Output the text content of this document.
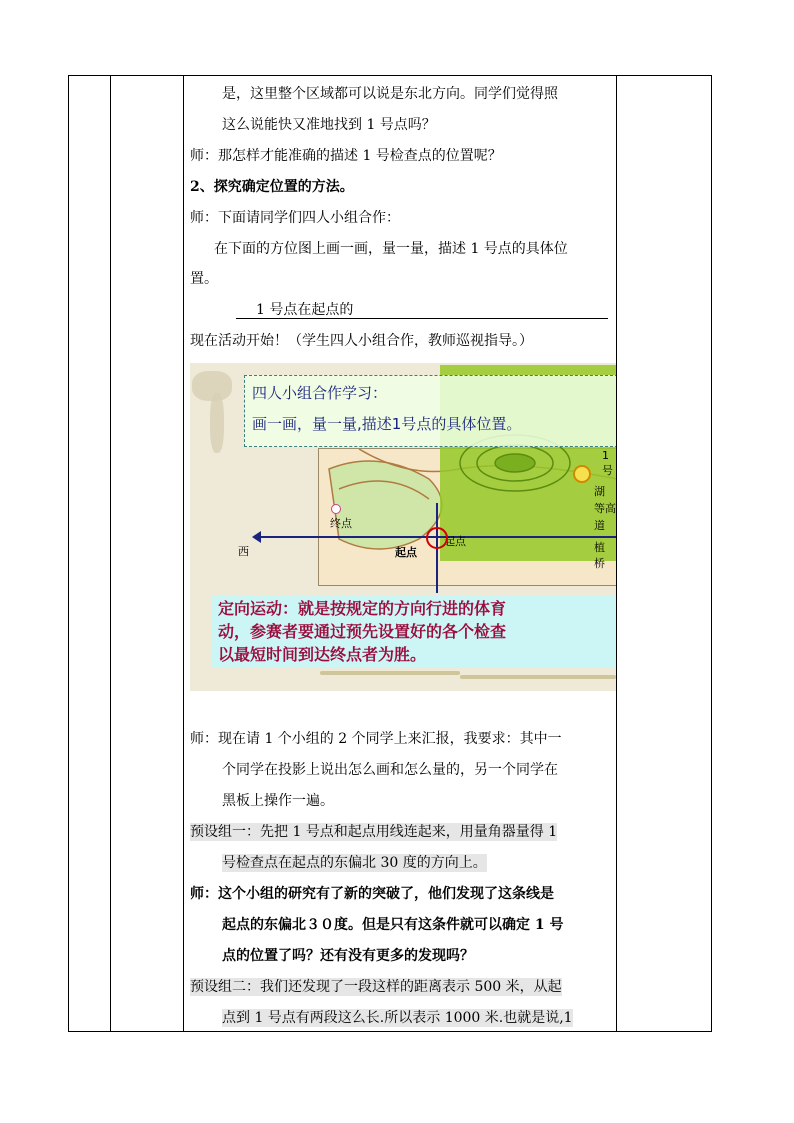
是，这里整个区域都可以说是东北方向。同学们觉得照
这么说能快又准地找到 1 号点吗？
师：那怎样才能准确的描述 1 号检查点的位置呢？
2、探究确定位置的方法。
师：下面请同学们四人小组合作：
在下面的方位图上画一画，量一量，描述 1 号点的具体位
置。
1 号点在起点的
现在活动开始！（学生四人小组合作，教师巡视指导。）
四人小组合作学习：
画一画，量一量,描述1号点的具体位置。
西	起点
起点
终点
1号
湖
等高
道
植
桥
定向运动：就是按规定的方向行进的体育
动，参赛者要通过预先设置好的各个检查
以最短时间到达终点者为胜。
师：现在请 1 个小组的 2 个同学上来汇报，我要求：其中一
个同学在投影上说出怎么画和怎么量的，另一个同学在
黑板上操作一遍。
预设组一：先把 1 号点和起点用线连起来，用量角器量得 1
号检查点在起点的东偏北 30 度的方向上。
师：这个小组的研究有了新的突破了，他们发现了这条线是
起点的东偏北３０度。但是只有这条件就可以确定 1 号
点的位置了吗？还有没有更多的发现吗？
预设组二：我们还发现了一段这样的距离表示 500 米，从起
点到 1 号点有两段这么长.所以表示 1000 米.也就是说,1
